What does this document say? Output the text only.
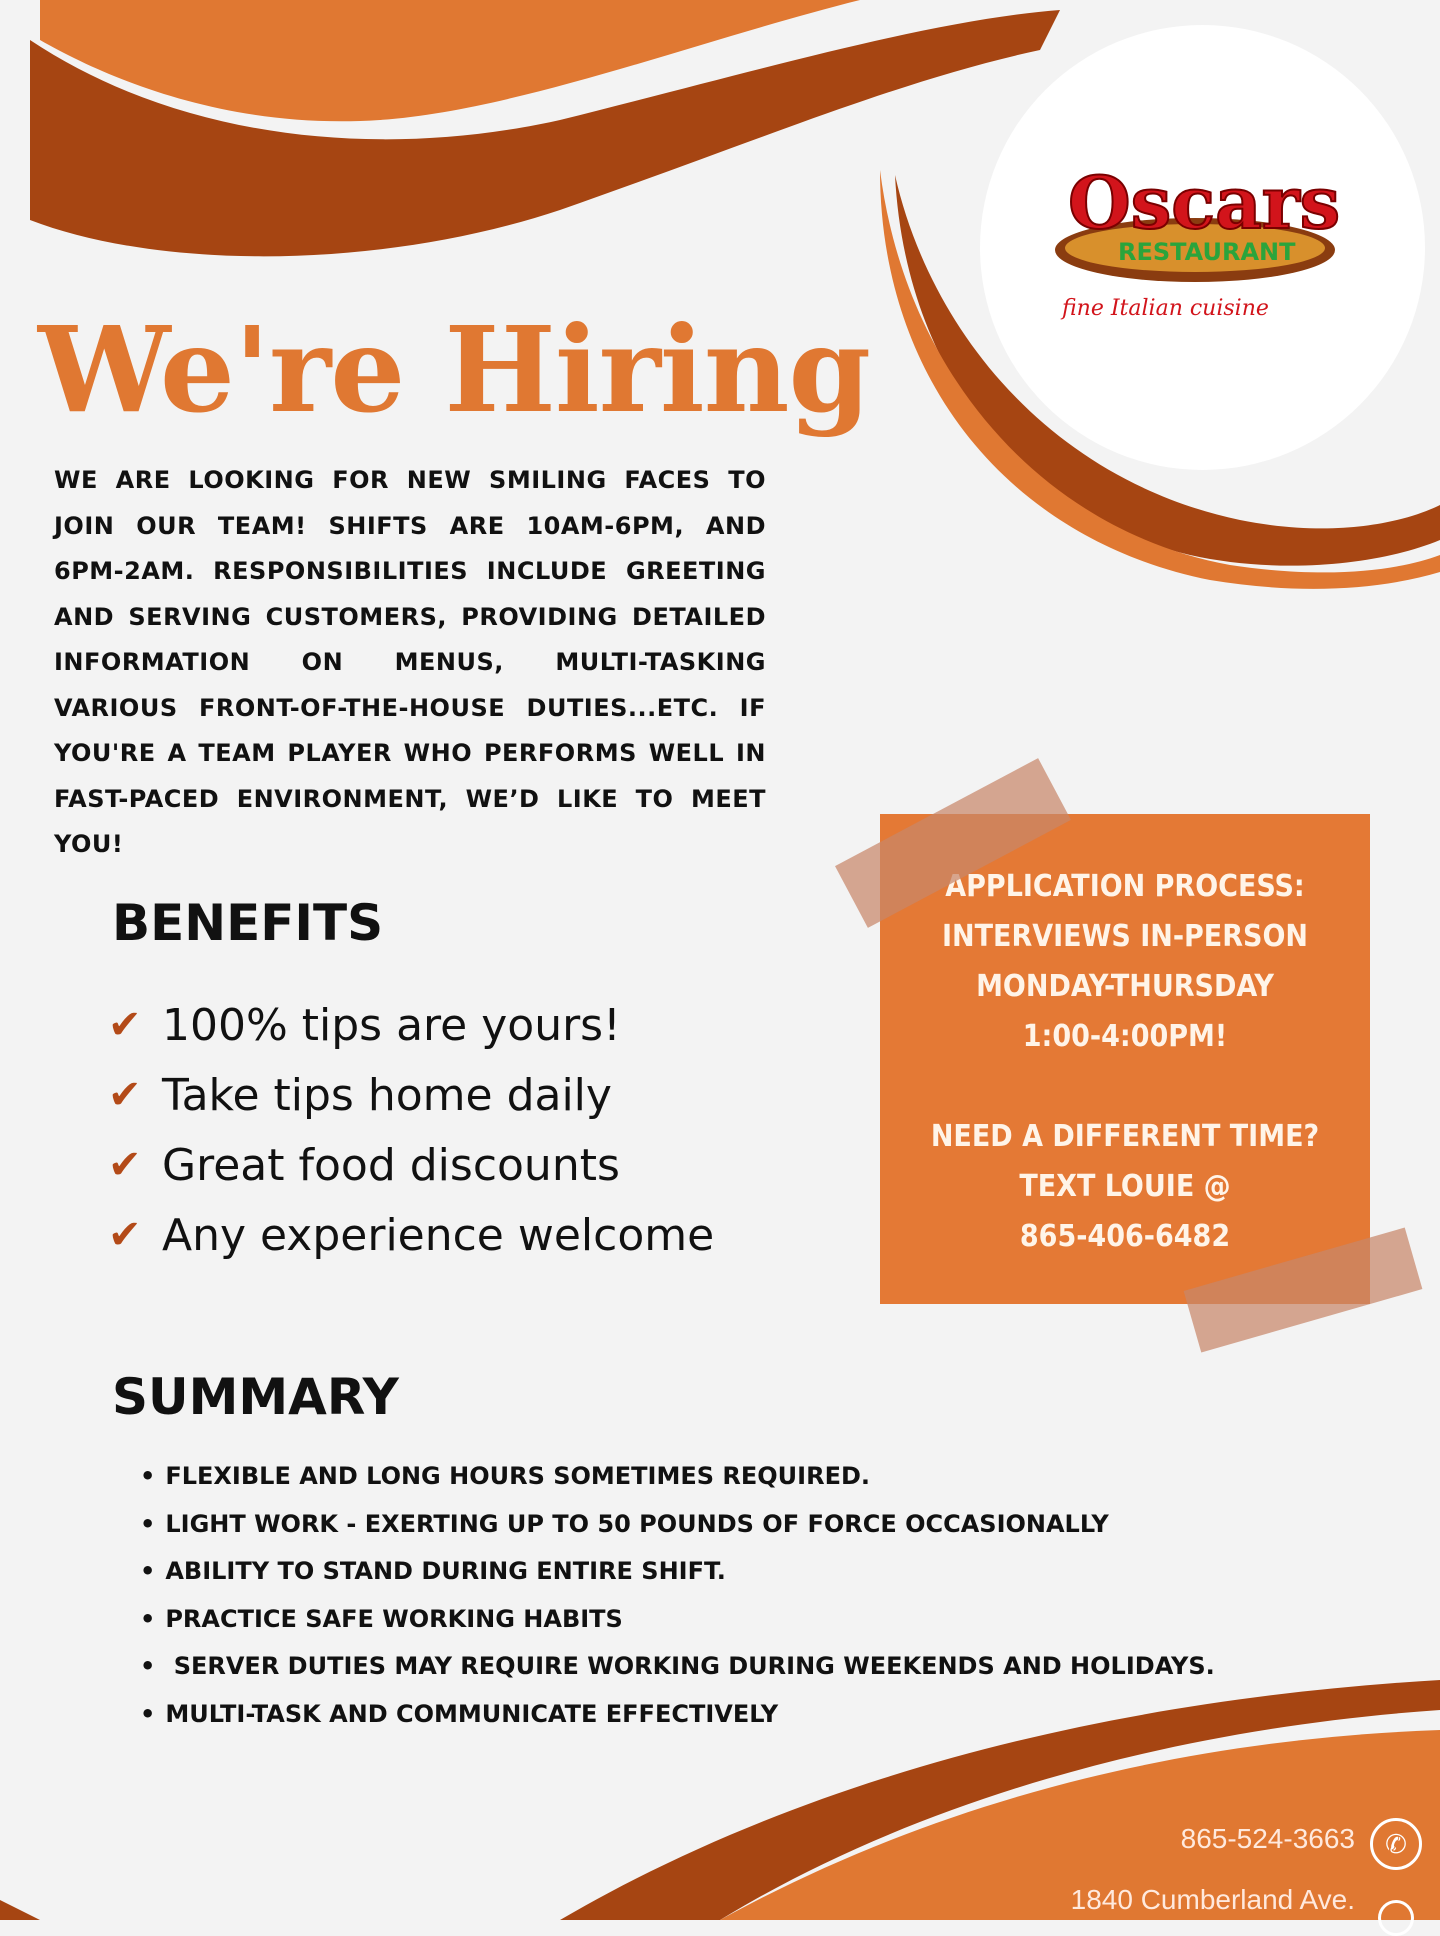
Oscars
RESTAURANT
fine Italian cuisine
We're Hiring

WE ARE LOOKING FOR NEW SMILING FACES TO JOIN OUR TEAM! SHIFTS ARE 10AM-6PM, AND 6PM-2AM. RESPONSIBILITIES INCLUDE GREETING AND SERVING CUSTOMERS, PROVIDING DETAILED INFORMATION ON MENUS, MULTI-TASKING VARIOUS FRONT-OF-THE-HOUSE DUTIES...ETC. IF YOU'RE A TEAM PLAYER WHO PERFORMS WELL IN FAST-PACED ENVIRONMENT, WE’D LIKE TO MEET YOU!

BENEFITS
✔ 100% tips are yours!
✔ Take tips home daily
✔ Great food discounts
✔ Any experience welcome

APPLICATION PROCESS:

INTERVIEWS IN-PERSON

MONDAY-THURSDAY

1:00-4:00PM!

NEED A DIFFERENT TIME?

TEXT LOUIE @

865-406-6482

SUMMARY
• FLEXIBLE AND LONG HOURS SOMETIMES REQUIRED.
• LIGHT WORK - EXERTING UP TO 50 POUNDS OF FORCE OCCASIONALLY
• ABILITY TO STAND DURING ENTIRE SHIFT.
• PRACTICE SAFE WORKING HABITS
• SERVER DUTIES MAY REQUIRE WORKING DURING WEEKENDS AND HOLIDAYS.
• MULTI-TASK AND COMMUNICATE EFFECTIVELY
865-524-3663	✆
1840 Cumberland Ave.
